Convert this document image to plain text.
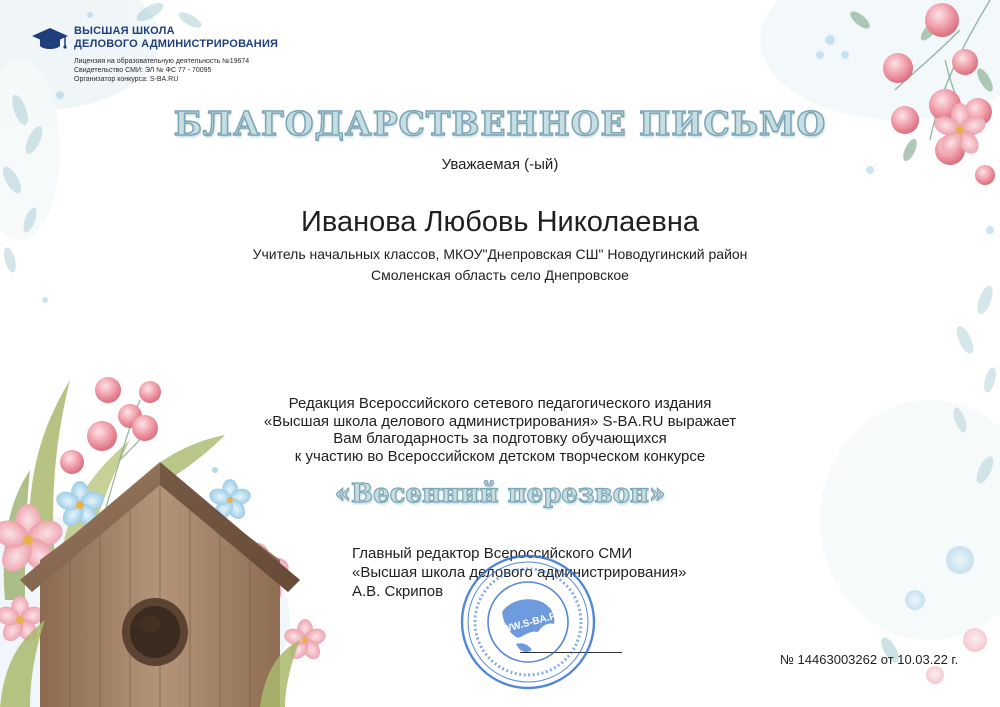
ВЫСШАЯ ШКОЛА
ДЕЛОВОГО АДМИНИСТРИРОВАНИЯ
Лицензия на образовательную деятельность №19674
Свидетельство СМИ: ЭЛ № ФС 77 - 70095
Организатор конкурса: S-BA.RU
БЛАГОДАРСТВЕННОЕ ПИСЬМО
Уважаемая (-ый)
Иванова Любовь Николаевна
Учитель начальных классов, МКОУ"Днепровская СШ" Новодугинский район
Смоленская область село Днепровское
Редакция Всероссийского сетевого педагогического издания
«Высшая школа делового администрирования» S-BA.RU выражает
Вам благодарность за подготовку обучающихся
к участию во Всероссийском детском творческом конкурсе
«Весенний перезвон»
Главный редактор Всероссийского СМИ
«Высшая школа делового администрирования»
А.В. Скрипов
WWW.S-BA.RU
№ 14463003262 от 10.03.22 г.
